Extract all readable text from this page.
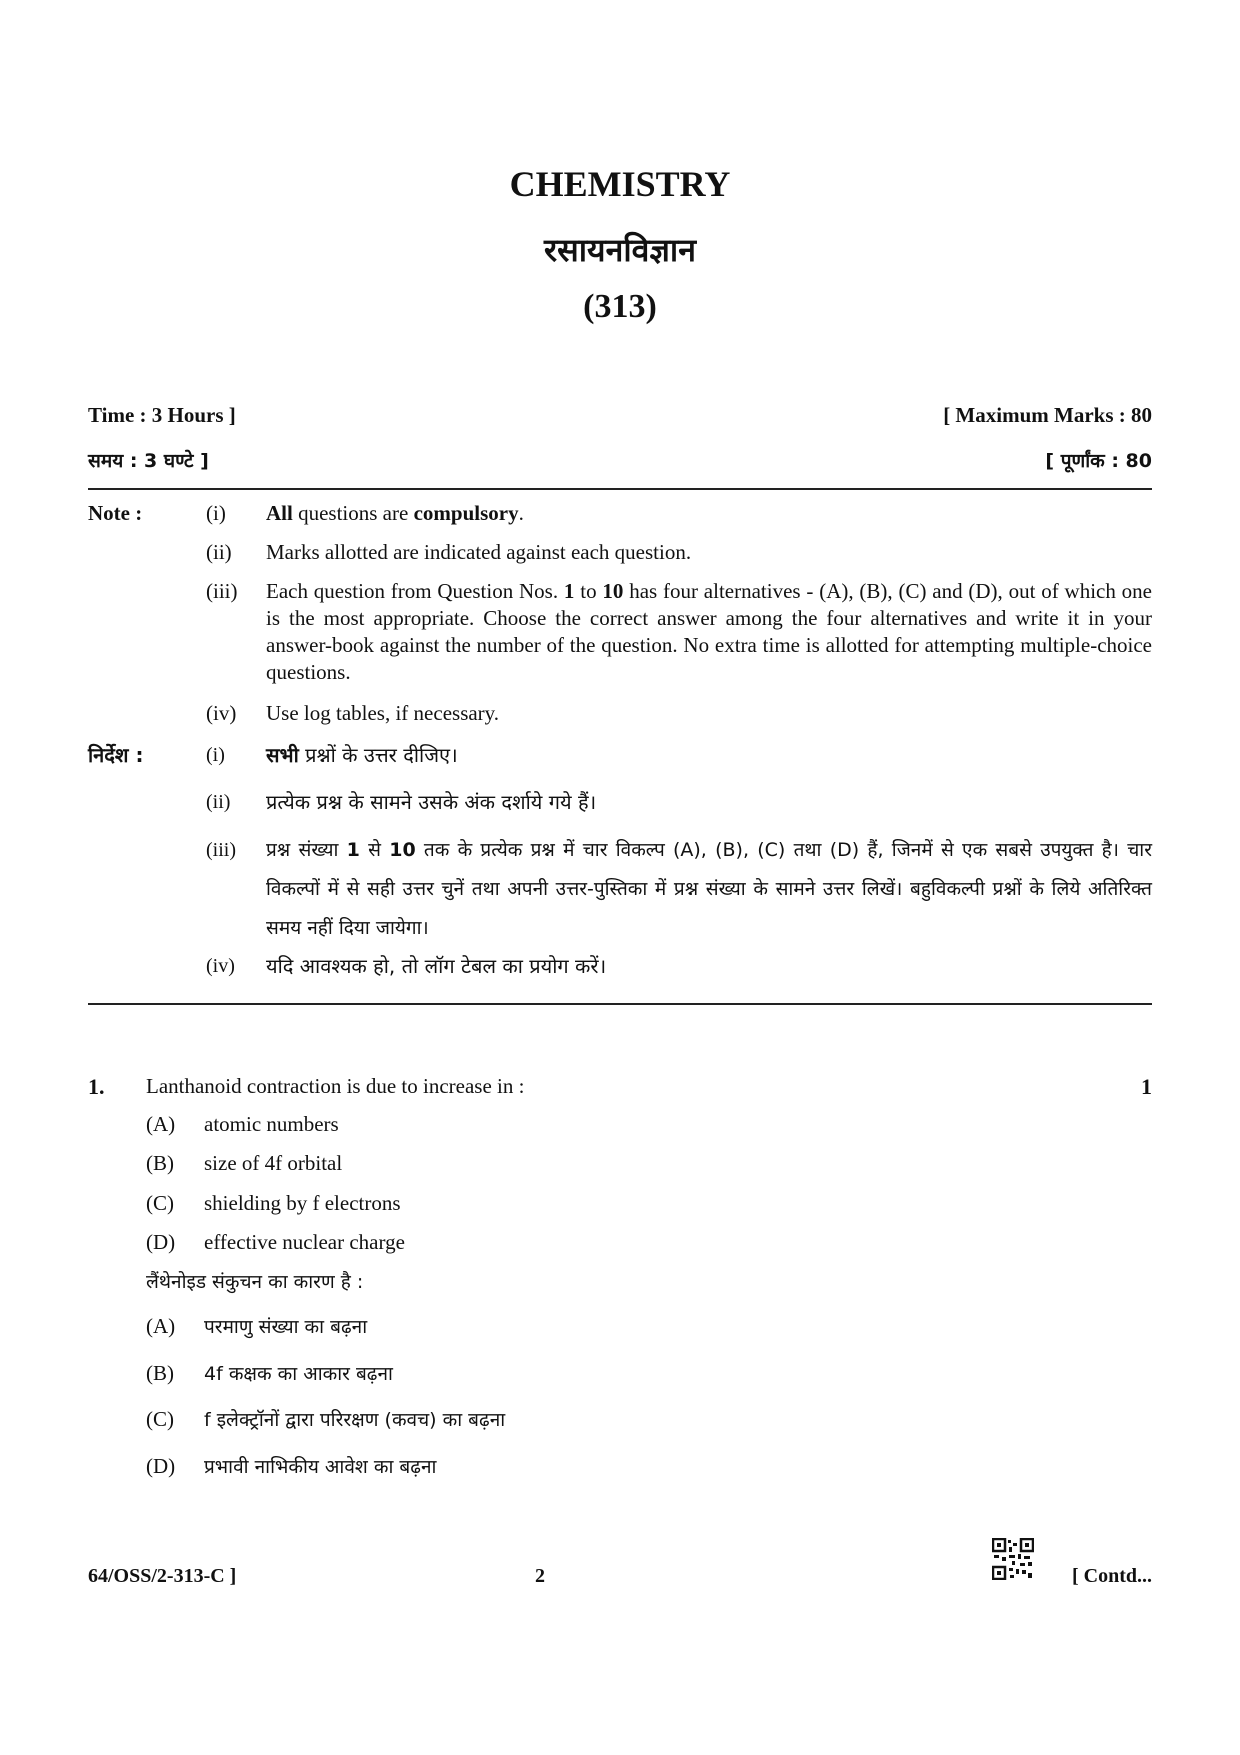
CHEMISTRY
रसायनविज्ञान
(313)
Time : 3 Hours ]	[ Maximum Marks : 80
समय : 3 घण्टे ]	[ पूर्णांक : 80
Note :	(i)	All questions are compulsory.
(ii)	Marks allotted are indicated against each question.
(iii)	Each question from Question Nos. 1 to 10 has four alternatives - (A), (B), (C) and (D), out of which one is the most appropriate. Choose the correct answer among the four alternatives and write it in your answer-book against the number of the question. No extra time is allotted for attempting multiple-choice questions.
(iv)	Use log tables, if necessary.
निर्देश :	(i)	सभी प्रश्नों के उत्तर दीजिए।
(ii)	प्रत्येक प्रश्न के सामने उसके अंक दर्शाये गये हैं।
(iii)	प्रश्न संख्या 1 से 10 तक के प्रत्येक प्रश्न में चार विकल्प (A), (B), (C) तथा (D) हैं, जिनमें से एक सबसे उपयुक्त है। चार विकल्पों में से सही उत्तर चुनें तथा अपनी उत्तर-पुस्तिका में प्रश्न संख्या के सामने उत्तर लिखें। बहुविकल्पी प्रश्नों के लिये अतिरिक्त समय नहीं दिया जायेगा।
(iv)	यदि आवश्यक हो, तो लॉग टेबल का प्रयोग करें।
1. Lanthanoid contraction is due to increase in :	1
(A) atomic numbers
(B) size of 4f orbital
(C) shielding by f electrons
(D) effective nuclear charge
लैंथेनोइड संकुचन का कारण है :
(A) परमाणु संख्या का बढ़ना
(B) 4f कक्षक का आकार बढ़ना
(C) f इलेक्ट्रॉनों द्वारा परिरक्षण (कवच) का बढ़ना
(D) प्रभावी नाभिकीय आवेश का बढ़ना
64/OSS/2-313-C ]	2	[ Contd...
